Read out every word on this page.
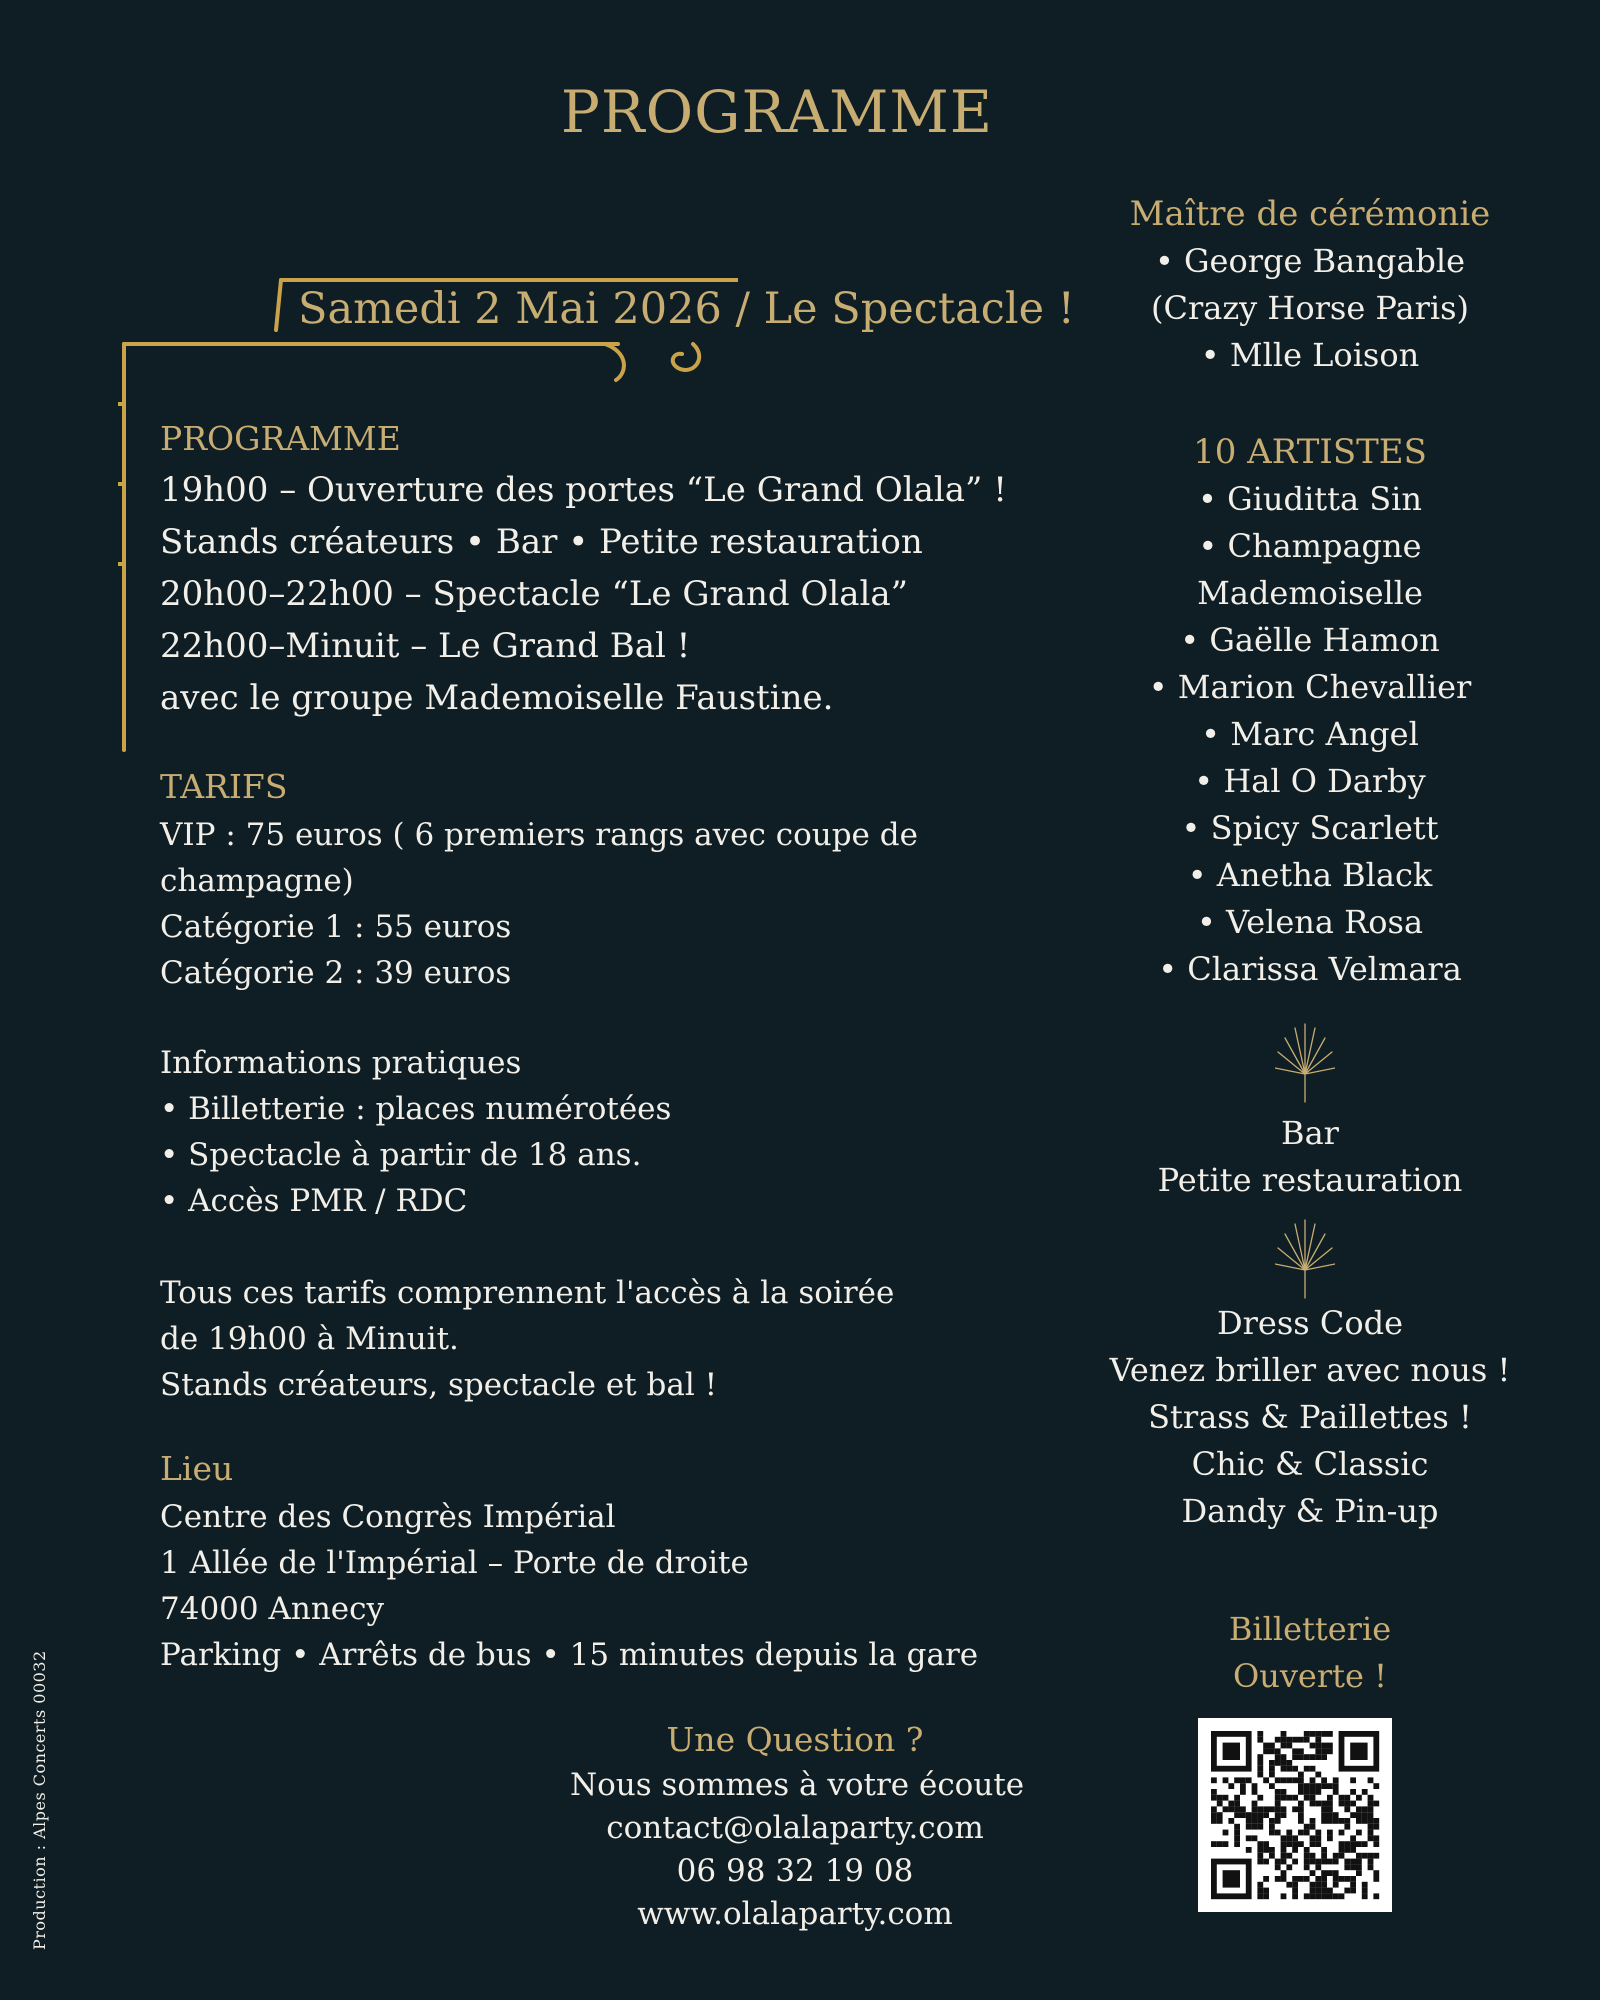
PROGRAMME
Samedi 2 Mai 2026 / Le Spectacle !
PROGRAMME
19h00 – Ouverture des portes “Le Grand Olala” !
Stands créateurs • Bar • Petite restauration
20h00–22h00 – Spectacle “Le Grand Olala”
22h00–Minuit – Le Grand Bal !
avec le groupe Mademoiselle Faustine.
TARIFS
VIP : 75 euros ( 6 premiers rangs avec coupe de
champagne)
Catégorie 1 : 55 euros
Catégorie 2 : 39 euros
Informations pratiques
• Billetterie : places numérotées
• Spectacle à partir de 18 ans.
• Accès PMR / RDC
Tous ces tarifs comprennent l'accès à la soirée
de 19h00 à Minuit.
Stands créateurs, spectacle et bal !
Lieu
Centre des Congrès Impérial
1 Allée de l'Impérial – Porte de droite
74000 Annecy
Parking • Arrêts de bus • 15 minutes depuis la gare
Une Question ?
Nous sommes à votre écoute
contact@olalaparty.com
06 98 32 19 08
www.olalaparty.com
Maître de cérémonie
• George Bangable
(Crazy Horse Paris)
• Mlle Loison
10 ARTISTES
• Giuditta Sin
• Champagne
Mademoiselle
• Gaëlle Hamon
• Marion Chevallier
• Marc Angel
• Hal O Darby
• Spicy Scarlett
• Anetha Black
• Velena Rosa
• Clarissa Velmara
Bar
Petite restauration
Dress Code
Venez briller avec nous !
Strass & Paillettes !
Chic & Classic
Dandy & Pin-up
Billetterie
Ouverte !
Production : Alpes Concerts 00032
